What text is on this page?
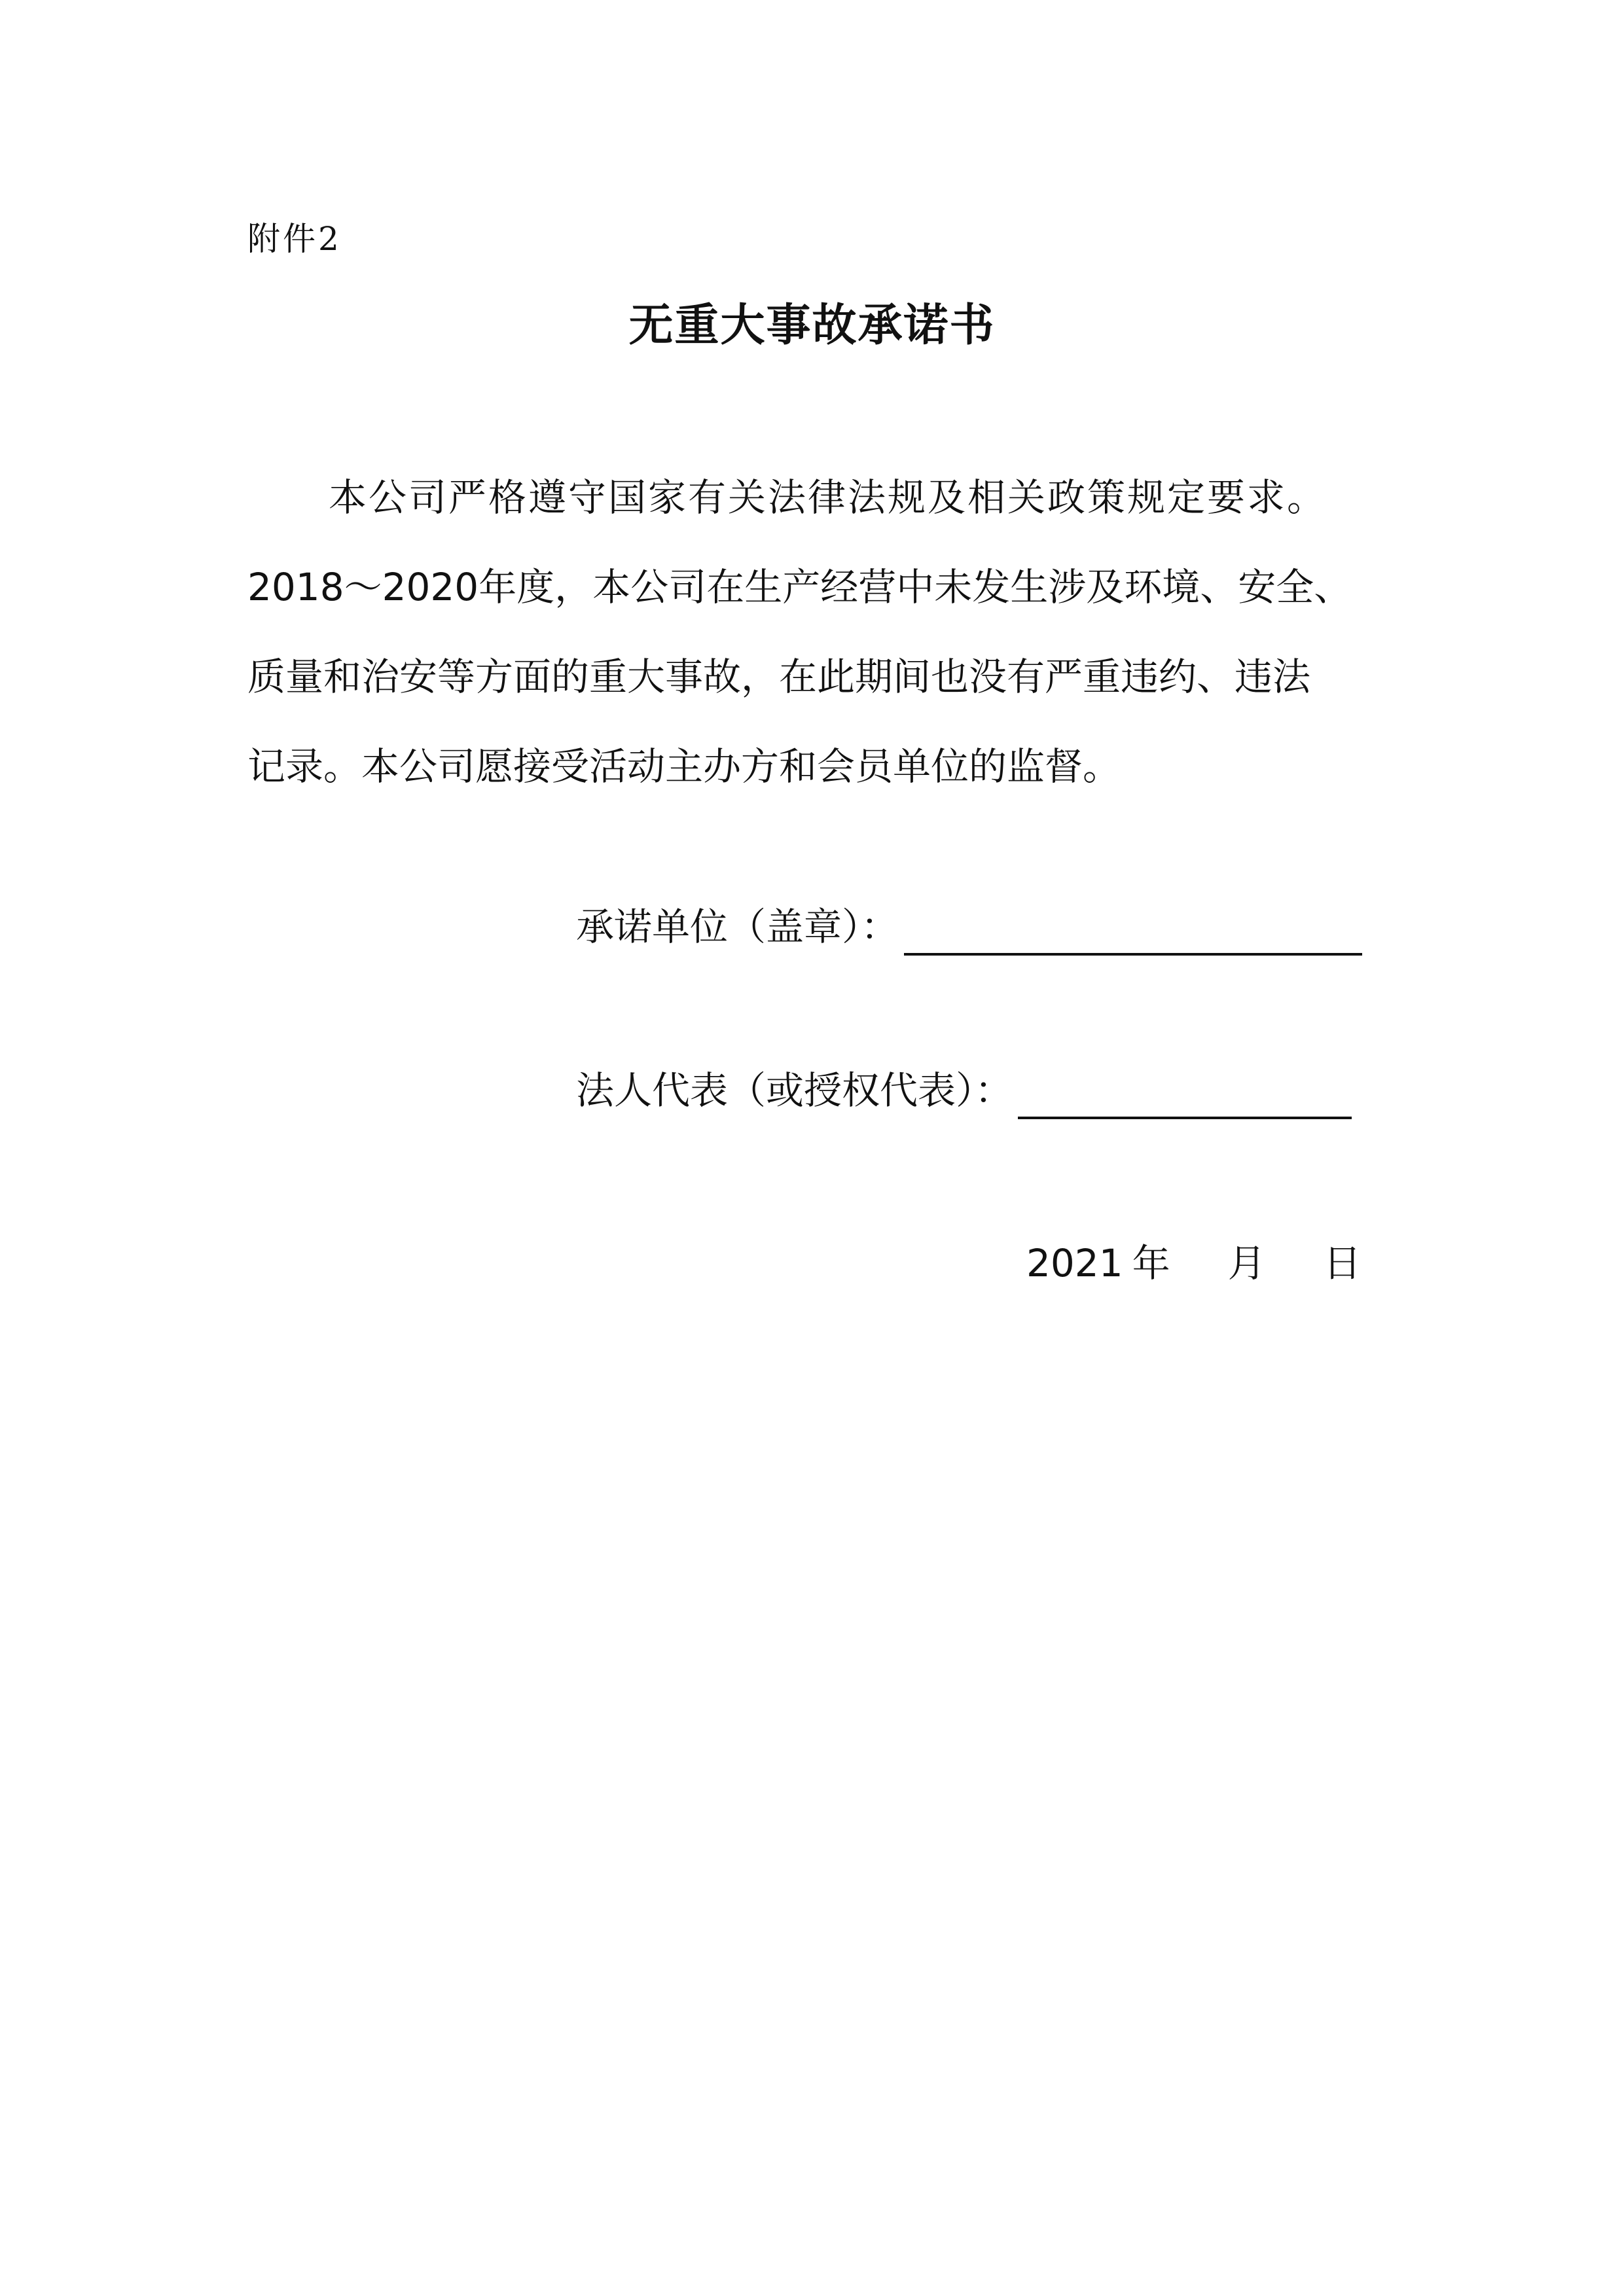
附件2
无重大事故承诺书
本公司严格遵守国家有关法律法规及相关政策规定要求。
2018～2020年度，本公司在生产经营中未发生涉及环境、安全、
质量和治安等方面的重大事故，在此期间也没有严重违约、违法
记录。本公司愿接受活动主办方和会员单位的监督。
承诺单位（盖章）：
法人代表（或授权代表）：
2021 年 月 日
